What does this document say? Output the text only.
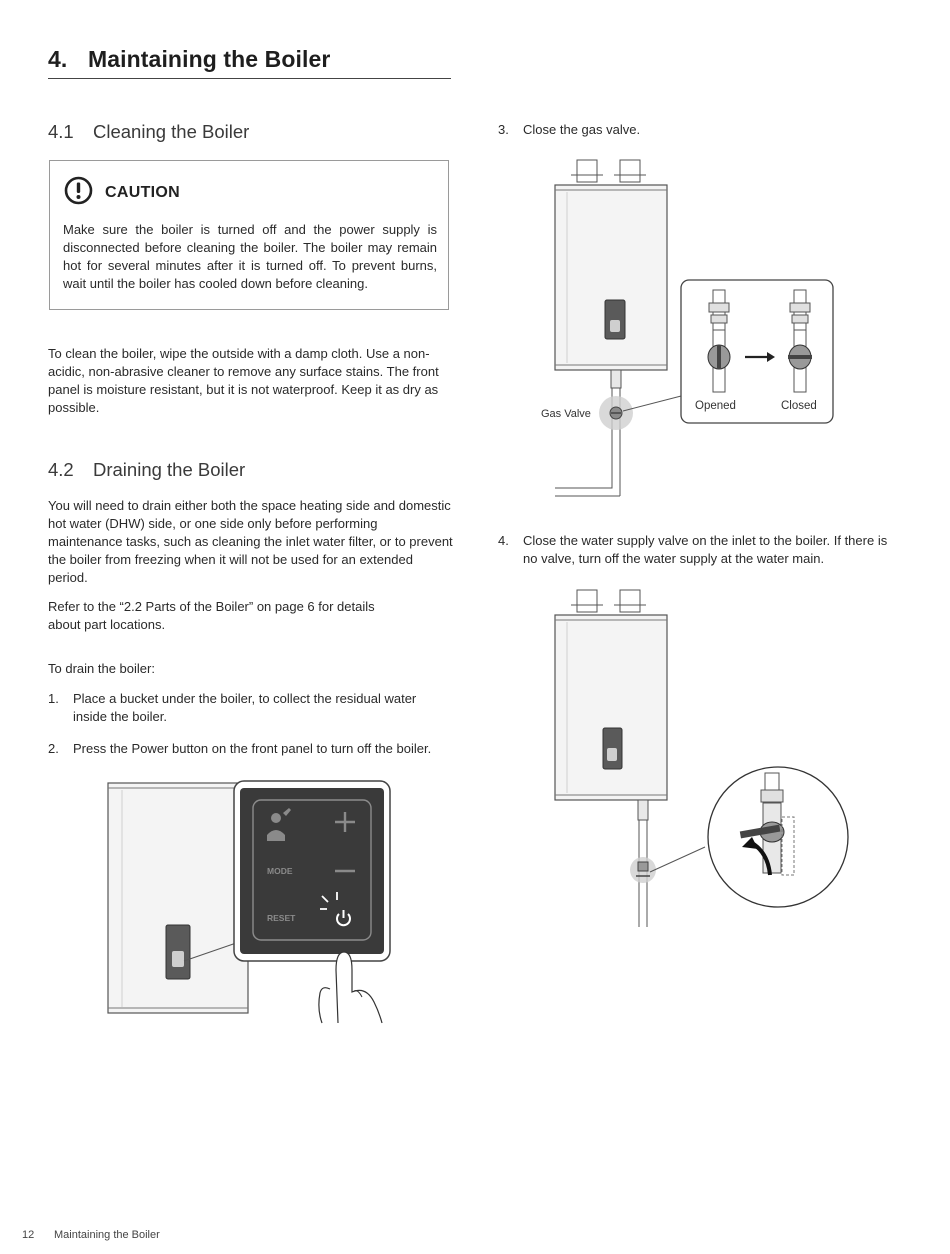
4. Maintaining the Boiler
4.1 Cleaning the Boiler
CAUTION
Make sure the boiler is turned off and the power supply is disconnected before cleaning the boiler. The boiler may remain hot for several minutes after it is turned off. To prevent burns, wait until the boiler has cooled down before cleaning.

To clean the boiler, wipe the outside with a damp cloth. Use a non-acidic, non-abrasive cleaner to remove any surface stains. The front panel is moisture resistant, but it is not waterproof. Keep it as dry as possible.

4.2 Draining the Boiler

You will need to drain either both the space heating side and domestic hot water (DHW) side, or one side only before performing maintenance tasks, such as cleaning the inlet water filter, or to prevent the boiler from freezing when it will not be used for an extended period.

Refer to the “2.2 Parts of the Boiler” on page 6 for details about part locations.

To drain the boiler:

1. Place a bucket under the boiler, to collect the residual water inside the boiler.
2. Press the Power button on the front panel to turn off the boiler.
3. Close the gas valve.
4. Close the water supply valve on the inlet to the boiler. If there is no valve, turn off the water supply at the water main.
MODE
RESET
Gas Valve
Opened	Closed
12 Maintaining the Boiler
